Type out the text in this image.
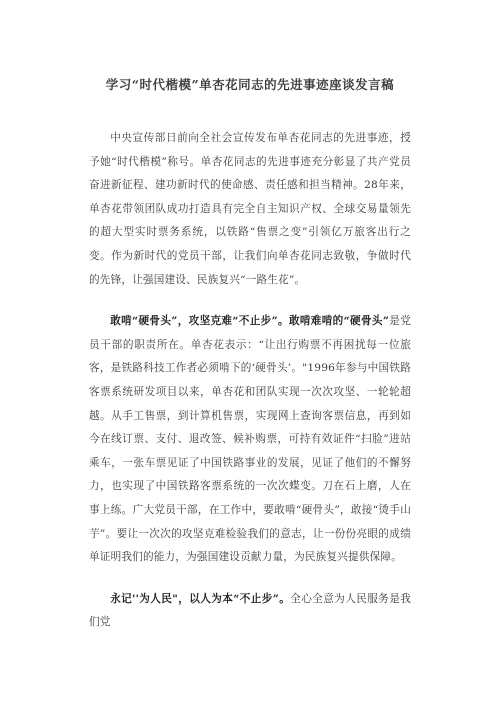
学习“时代楷模”单杏花同志的先进事迹座谈发言稿

中央宣传部日前向全社会宣传发布单杏花同志的先进事迹，授予她“时代楷模”称号。单杏花同志的先进事迹充分彰显了共产党员奋进新征程、建功新时代的使命感、责任感和担当精神。28年来，单杏花带领团队成功打造具有完全自主知识产权、全球交易量领先的超大型实时票务系统，以铁路“售票之变”引领亿万旅客出行之变。作为新时代的党员干部，让我们向单杏花同志致敬，争做时代的先锋，让强国建设、民族复兴“一路生花”。

敢啃“硬骨头”，攻坚克难“不止步”。敢啃难啃的“硬骨头”是党员干部的职责所在。单杏花表示：“让出行购票不再困扰每一位旅客，是铁路科技工作者必须啃下的‘硬骨头’。"1996年参与中国铁路客票系统研发项目以来，单杏花和团队实现一次次攻坚、一轮轮超越。从手工售票，到计算机售票，实现网上查询客票信息，再到如今在线订票、支付、退改签、候补购票，可持有效证件“扫脸”进站乘车，一张车票见证了中国铁路事业的发展，见证了他们的不懈努力，也实现了中国铁路客票系统的一次次蝶变。刀在石上磨，人在事上练。广大党员干部，在工作中，要敢啃“硬骨头”，敢接“烫手山芋”。要让一次次的攻坚克难检验我们的意志，让一份份亮眼的成绩单证明我们的能力，为强国建设贡献力量，为民族复兴提供保障。

永记''为人民"，以人为本“不止步”。全心全意为人民服务是我们党
